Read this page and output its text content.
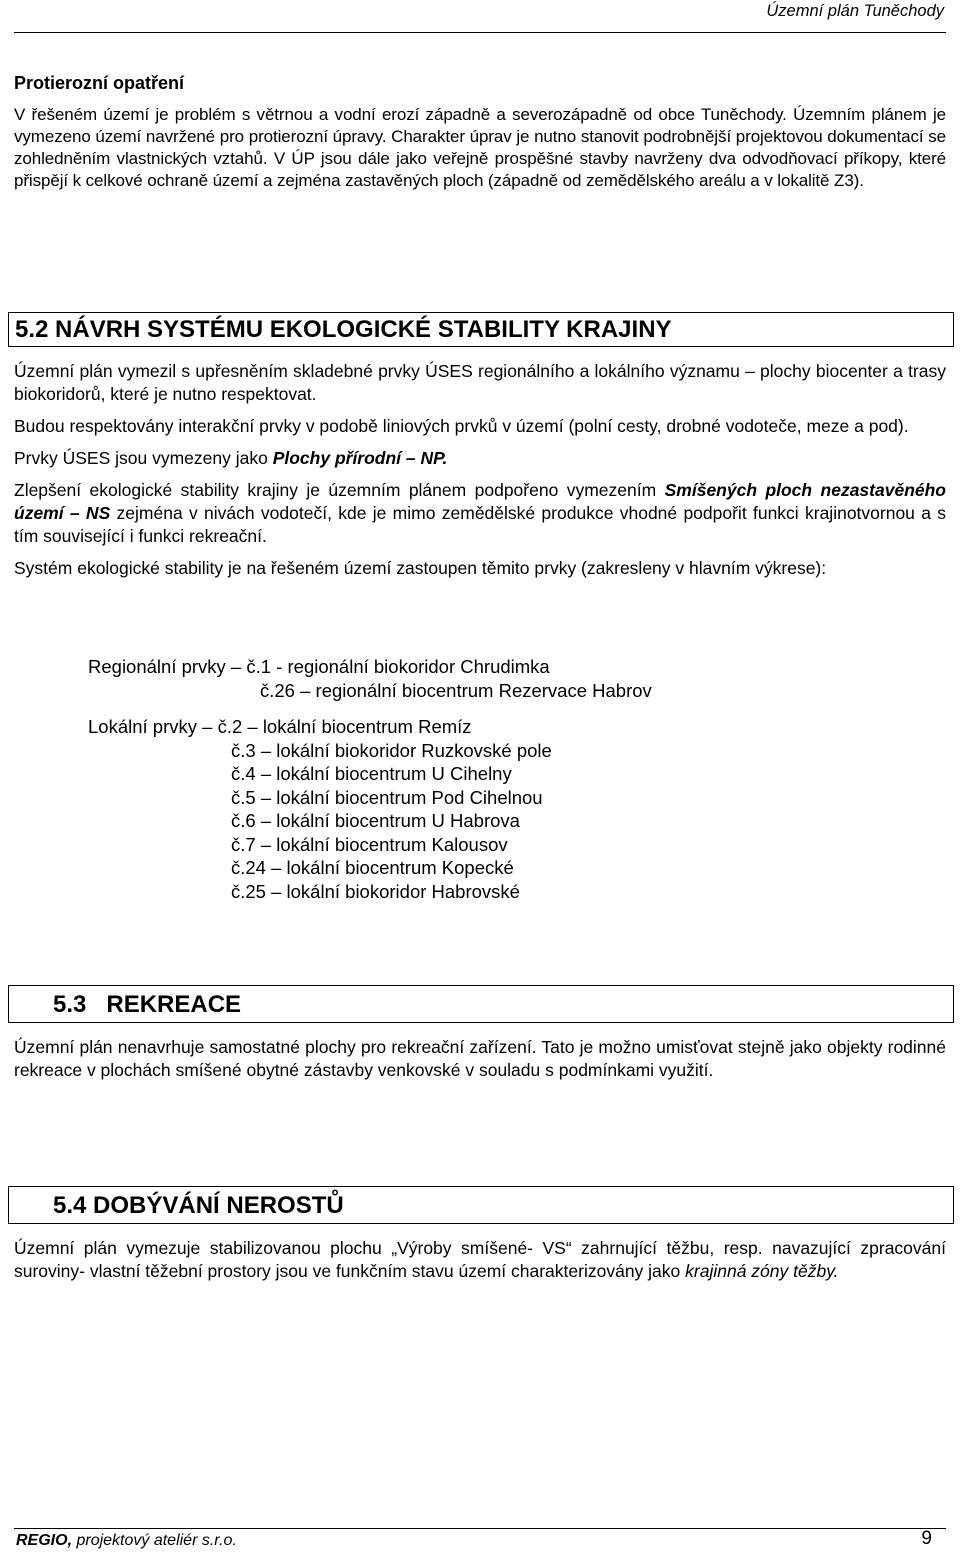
Územní plán Tuněchody

Protierozní opatření

V řešeném území je problém s větrnou a vodní erozí západně a severozápadně od obce Tuněchody. Územním plánem je vymezeno území navržené pro protierozní úpravy. Charakter úprav je nutno stanovit podrobnější projektovou dokumentací se zohledněním vlastnických vztahů. V ÚP jsou dále jako veřejně prospěšné stavby navrženy dva odvodňovací příkopy, které přispějí k celkové ochraně území a zejména zastavěných ploch (západně od zemědělského areálu a v lokalitě Z3).

5.2 NÁVRH SYSTÉMU EKOLOGICKÉ STABILITY KRAJINY

Územní plán vymezil s upřesněním skladebné prvky ÚSES regionálního a lokálního významu – plochy biocenter a trasy biokoridorů, které je nutno respektovat.

Budou respektovány interakční prvky v podobě liniových prvků v území (polní cesty, drobné vodoteče, meze a pod).

Prvky ÚSES jsou vymezeny jako Plochy přírodní – NP.

Zlepšení ekologické stability krajiny je územním plánem podpořeno vymezením Smíšených ploch nezastavěného území – NS zejména v nivách vodotečí, kde je mimo zemědělské produkce vhodné podpořit funkci krajinotvornou a s tím související i funkci rekreační.

Systém ekologické stability je na řešeném území zastoupen těmito prvky (zakresleny v hlavním výkrese):

Regionální prvky – č.1 - regionální biokoridor Chrudimka
č.26 – regionální biocentrum Rezervace Habrov
Lokální prvky – č.2 – lokální biocentrum Remíz
č.3 – lokální biokoridor Ruzkovské pole
č.4 – lokální biocentrum U Cihelny
č.5 – lokální biocentrum Pod Cihelnou
č.6 – lokální biocentrum U Habrova
č.7 – lokální biocentrum Kalousov
č.24 – lokální biocentrum Kopecké
č.25 – lokální biokoridor Habrovské
5.3   REKREACE

Územní plán nenavrhuje samostatné plochy pro rekreační zařízení. Tato je možno umisťovat stejně jako objekty rodinné rekreace v plochách smíšené obytné zástavby venkovské v souladu s podmínkami využití.

5.4 DOBÝVÁNÍ NEROSTŮ

Územní plán vymezuje stabilizovanou plochu „Výroby smíšené- VS“ zahrnující těžbu, resp. navazující zpracování suroviny- vlastní těžební prostory jsou ve funkčním stavu území charakterizovány jako krajinná zóny těžby.

REGIO, projektový ateliér s.r.o.	9
